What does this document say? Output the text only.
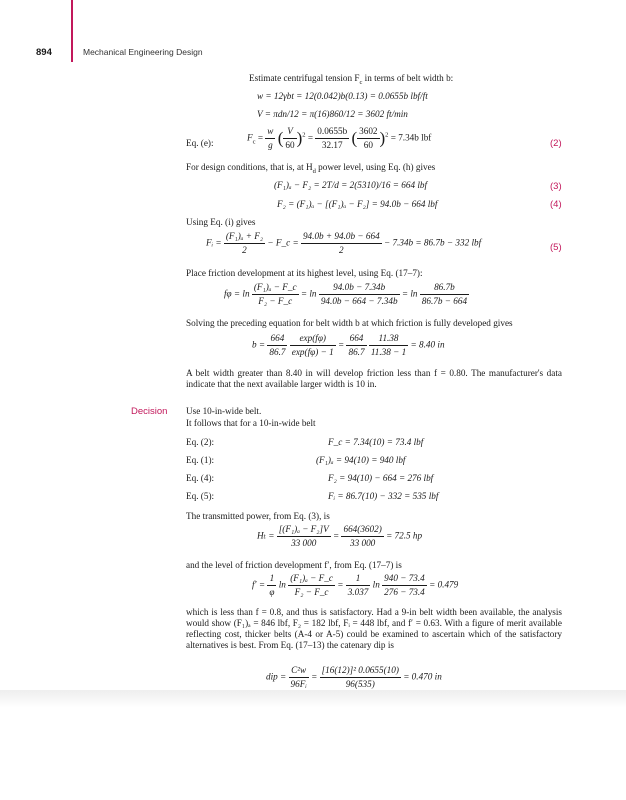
894	Mechanical Engineering Design
Estimate centrifugal tension $F_c$ in terms of belt width b:
w = 12γbt = 12(0.042)b(0.13) = 0.0655b lbf/ft
V = πdn/12 = π(16)860/12 = 3602 ft/min
Eq. (e):
$F_c = \frac{w}{g}$ ( $\frac{V}{60} )^2 = \frac{0.0655b}{32.17}$ ( $\frac{3602}{60} )^2 = 7.34b$ lbf
(2)
For design conditions, that is, at $H_d$ power level, using Eq. (h) gives
(F₁)ₐ − F₂ = 2T/d = 2(5310)/16 = 664 lbf	(3)
F₂ = (F₁)ₐ − [(F₁)ₐ − F₂] = 94.0b − 664 lbf	(4)
Using Eq. (i) gives
Fᵢ = $\frac{\text{(F₁)ₐ + F₂}}{2}$ − F_c = $\frac{94.0b + 94.0b - 664}{2} - 7.34b = 86.7b - 332$ lbf	(5)
Place friction development at its highest level, using Eq. (17–7):
$f\varphi = \ln \frac{\text{(F₁)ₐ − F\_c}}{\text{F₂ − F\_c}} = \ln \frac{94.0b - 7.34b}{94.0b - 664 - 7.34b} = \ln \frac{86.7b}{86.7b - 664}$
Solving the preceding equation for belt width b at which friction is fully developed gives
$b = \frac{664}{86.7}$
$\frac{\exp(f\varphi)}{\exp(f\varphi) - 1} = \frac{664}{86.7}$
$\frac{11.38}{11.38 - 1} = 8.40$ in
A belt width greater than 8.40 in will develop friction less than f = 0.80. The manufacturer's data indicate that the next available larger width is 10 in.
Decision Use 10-in-wide belt.
It follows that for a 10-in-wide belt
Eq. (2):	F_c = 7.34(10) = 73.4 lbf
Eq. (1):	(F₁)ₐ = 94(10) = 940 lbf
Eq. (4):	F₂ = 94(10) − 664 = 276 lbf
Eq. (5):	Fᵢ = 86.7(10) − 332 = 535 lbf
The transmitted power, from Eq. (3), is
$H_t = \frac{\text{[(F₁)ₐ − F₂]V}}{33 000} = \frac{664(3602)}{33 000} = 72.5$ hp
and the level of friction development f′, from Eq. (17–7) is
$f' = \frac{1}{\varphi}$ $\ln \frac{\text{(F₁)ₐ − F\_c}}{\text{F₂ − F\_c}} = \frac{1}{3.037}$ $\ln \frac{940 - 73.4}{276 - 73.4} = 0.479$
which is less than f = 0.8, and thus is satisfactory. Had a 9-in belt width been available, the analysis would show (F₁)ₐ = 846 lbf, F₂ = 182 lbf, Fᵢ = 448 lbf, and f′ = 0.63. With a figure of merit available reflecting cost, thicker belts (A-4 or A-5) could be examined to ascertain which of the satisfactory alternatives is best. From Eq. (17–13) the catenary dip is
dip = $\frac{\text{C²w}}{\text{96Fᵢ}} = \frac{\text{[16(12)]² 0.0655(10)}}{96(535)} = 0.470$ in
